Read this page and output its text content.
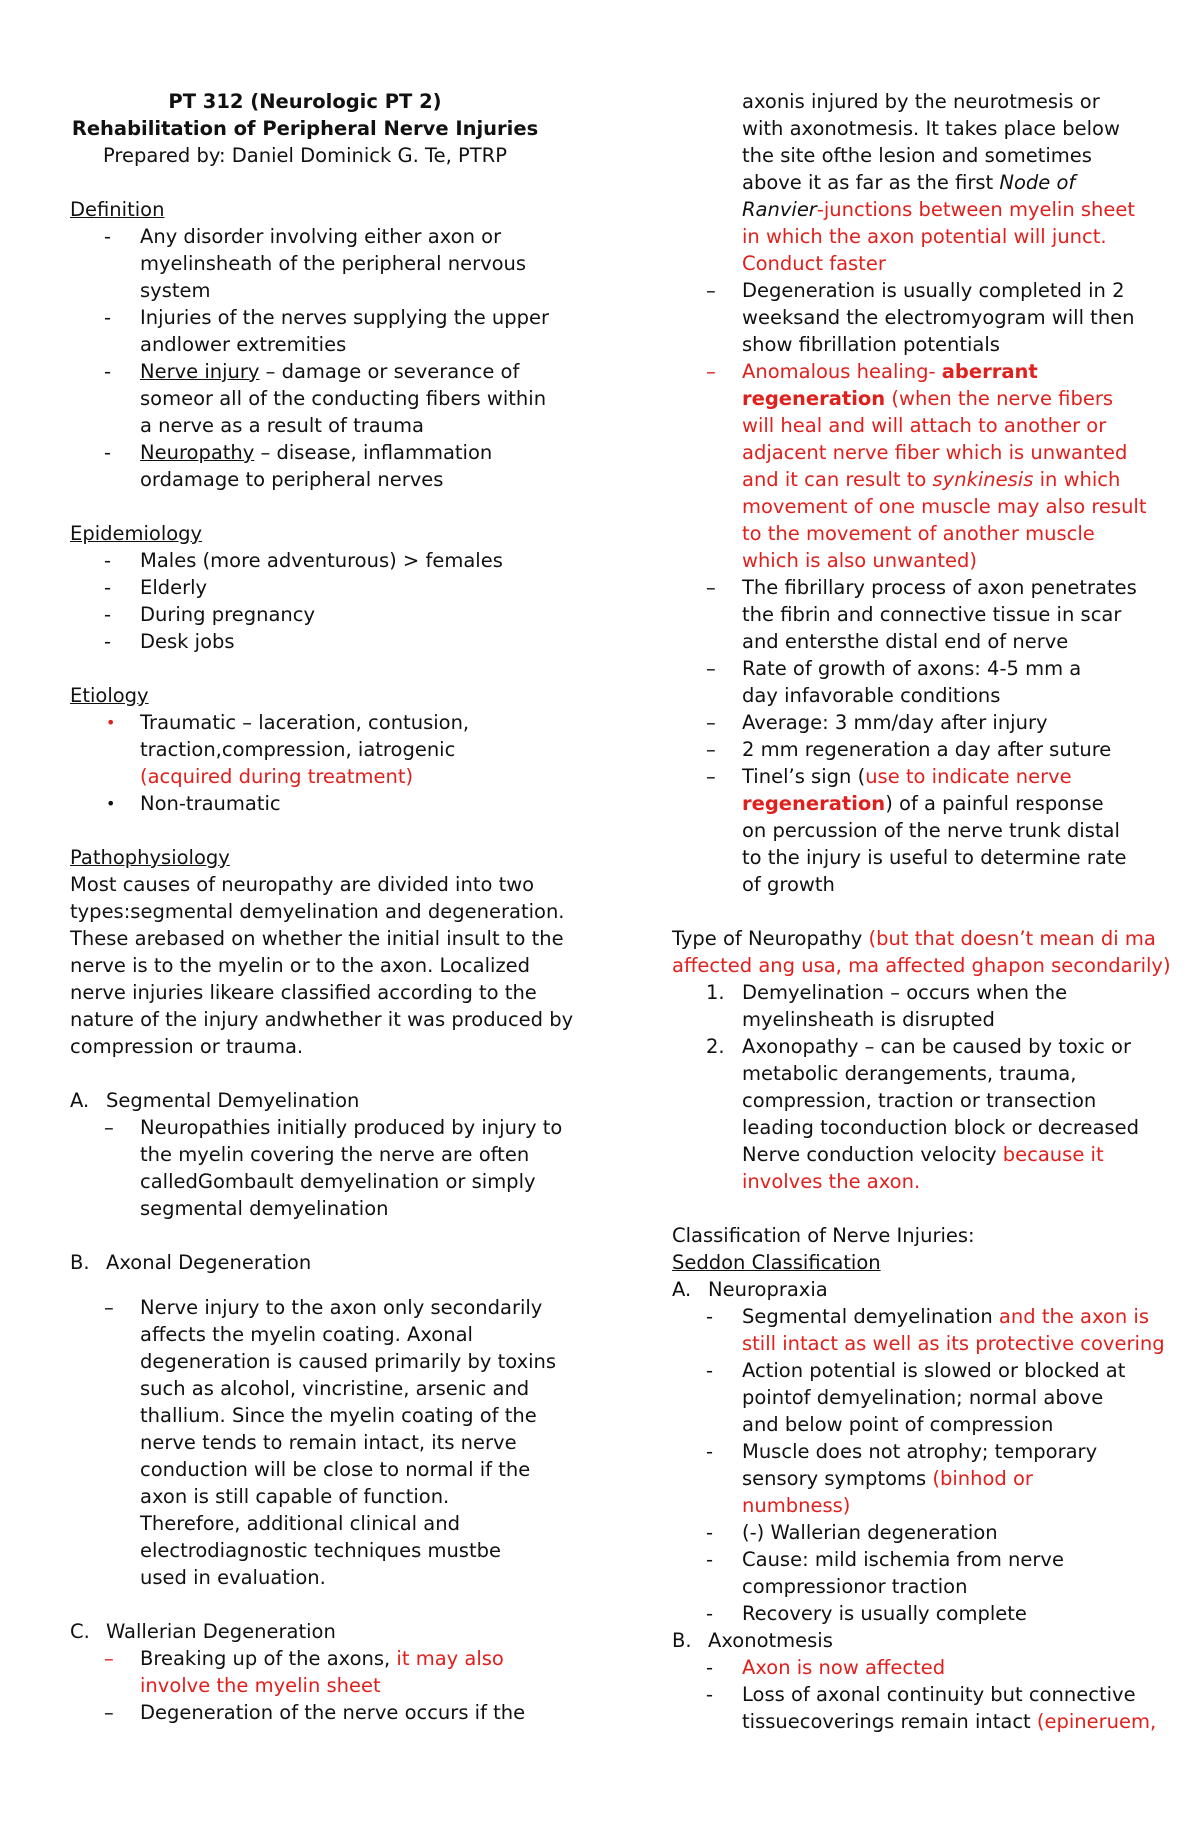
PT 312 (Neurologic PT 2)
Rehabilitation of Peripheral Nerve Injuries
Prepared by: Daniel Dominick G. Te, PTRP
Definition
- Any disorder involving either axon or
myelinsheath of the peripheral nervous
system
- Injuries of the nerves supplying the upper
andlower extremities
- Nerve injury – damage or severance of
someor all of the conducting fibers within
a nerve as a result of trauma
- Neuropathy – disease, inflammation
ordamage to peripheral nerves
Epidemiology
- Males (more adventurous) > females
- Elderly
- During pregnancy
- Desk jobs
Etiology
• Traumatic – laceration, contusion,
traction,compression, iatrogenic
(acquired during treatment)
• Non-traumatic
Pathophysiology
Most causes of neuropathy are divided into two
types:segmental demyelination and degeneration.
These arebased on whether the initial insult to the
nerve is to the myelin or to the axon. Localized
nerve injuries likeare classified according to the
nature of the injury andwhether it was produced by
compression or trauma.
A. Segmental Demyelination
– Neuropathies initially produced by injury to
the myelin covering the nerve are often
calledGombault demyelination or simply
segmental demyelination
B. Axonal Degeneration
– Nerve injury to the axon only secondarily
affects the myelin coating. Axonal
degeneration is caused primarily by toxins
such as alcohol, vincristine, arsenic and
thallium. Since the myelin coating of the
nerve tends to remain intact, its nerve
conduction will be close to normal if the
axon is still capable of function.
Therefore, additional clinical and
electrodiagnostic techniques mustbe
used in evaluation.
C. Wallerian Degeneration
– Breaking up of the axons, it may also
involve the myelin sheet
– Degeneration of the nerve occurs if the
axonis injured by the neurotmesis or
with axonotmesis. It takes place below
the site ofthe lesion and sometimes
above it as far as the first Node of
Ranvier-junctions between myelin sheet
in which the axon potential will junct.
Conduct faster
– Degeneration is usually completed in 2
weeksand the electromyogram will then
show fibrillation potentials
– Anomalous healing- aberrant
regeneration (when the nerve fibers
will heal and will attach to another or
adjacent nerve fiber which is unwanted
and it can result to synkinesis in which
movement of one muscle may also result
to the movement of another muscle
which is also unwanted)
– The fibrillary process of axon penetrates
the fibrin and connective tissue in scar
and entersthe distal end of nerve
– Rate of growth of axons: 4-5 mm a
day infavorable conditions
– Average: 3 mm/day after injury
– 2 mm regeneration a day after suture
– Tinel’s sign (use to indicate nerve
regeneration) of a painful response
on percussion of the nerve trunk distal
to the injury is useful to determine rate
of growth
Type of Neuropathy (but that doesn’t mean di ma
affected ang usa, ma affected ghapon secondarily)
1. Demyelination – occurs when the
myelinsheath is disrupted
2. Axonopathy – can be caused by toxic or
metabolic derangements, trauma,
compression, traction or transection
leading toconduction block or decreased
Nerve conduction velocity because it
involves the axon.
Classification of Nerve Injuries:
Seddon Classification
A. Neuropraxia
- Segmental demyelination and the axon is
still intact as well as its protective covering
- Action potential is slowed or blocked at
pointof demyelination; normal above
and below point of compression
- Muscle does not atrophy; temporary
sensory symptoms (binhod or
numbness)
- (-) Wallerian degeneration
- Cause: mild ischemia from nerve
compressionor traction
- Recovery is usually complete
B. Axonotmesis
- Axon is now affected
- Loss of axonal continuity but connective
tissuecoverings remain intact (epineruem,
